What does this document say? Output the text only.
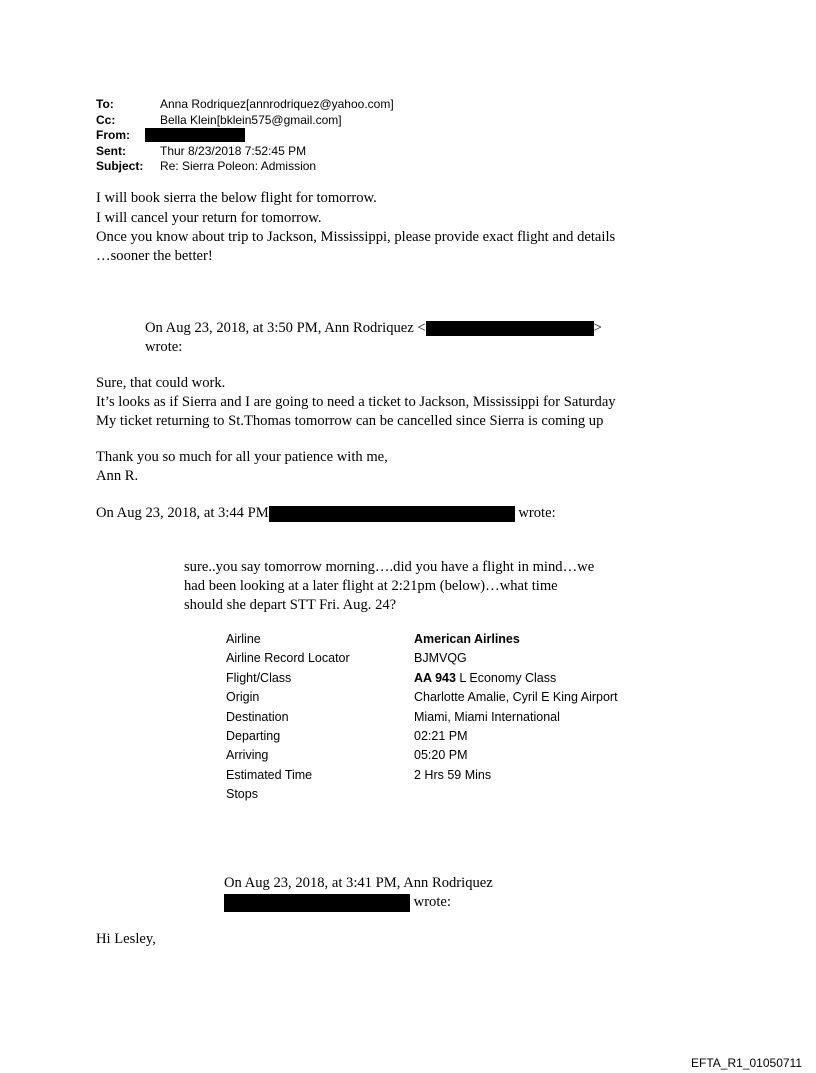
To:	Anna Rodriquez[annrodriquez@yahoo.com]
Cc:	Bella Klein[bklein575@gmail.com]
From:
Sent:	Thur 8/23/2018 7:52:45 PM
Subject:	Re: Sierra Poleon: Admission
I will book sierra the below flight for tomorrow.
I will cancel your return for tomorrow.
Once you know about trip to Jackson, Mississippi, please provide exact flight and details
…sooner the better!
On Aug 23, 2018, at 3:50 PM, Ann Rodriquez <	>
wrote:
Sure, that could work.
It’s looks as if Sierra and I are going to need a ticket to Jackson, Mississippi for Saturday
My ticket returning to St.Thomas tomorrow can be cancelled since Sierra is coming up
Thank you so much for all your patience with me,
Ann R.
On Aug 23, 2018, at 3:44 PM	wrote:
sure..you say tomorrow morning….did you have a flight in mind…we
had been looking at a later flight at 2:21pm (below)…what time
should she depart STT Fri. Aug. 24?
Airline	American Airlines
Airline Record Locator	BJMVQG
Flight/Class	AA 943 L Economy Class
Origin	Charlotte Amalie, Cyril E King Airport
Destination	Miami, Miami International
Departing	02:21 PM
Arriving	05:20 PM
Estimated Time	2 Hrs 59 Mins
Stops
On Aug 23, 2018, at 3:41 PM, Ann Rodriquez
wrote:
Hi Lesley,
EFTA_R1_01050711
